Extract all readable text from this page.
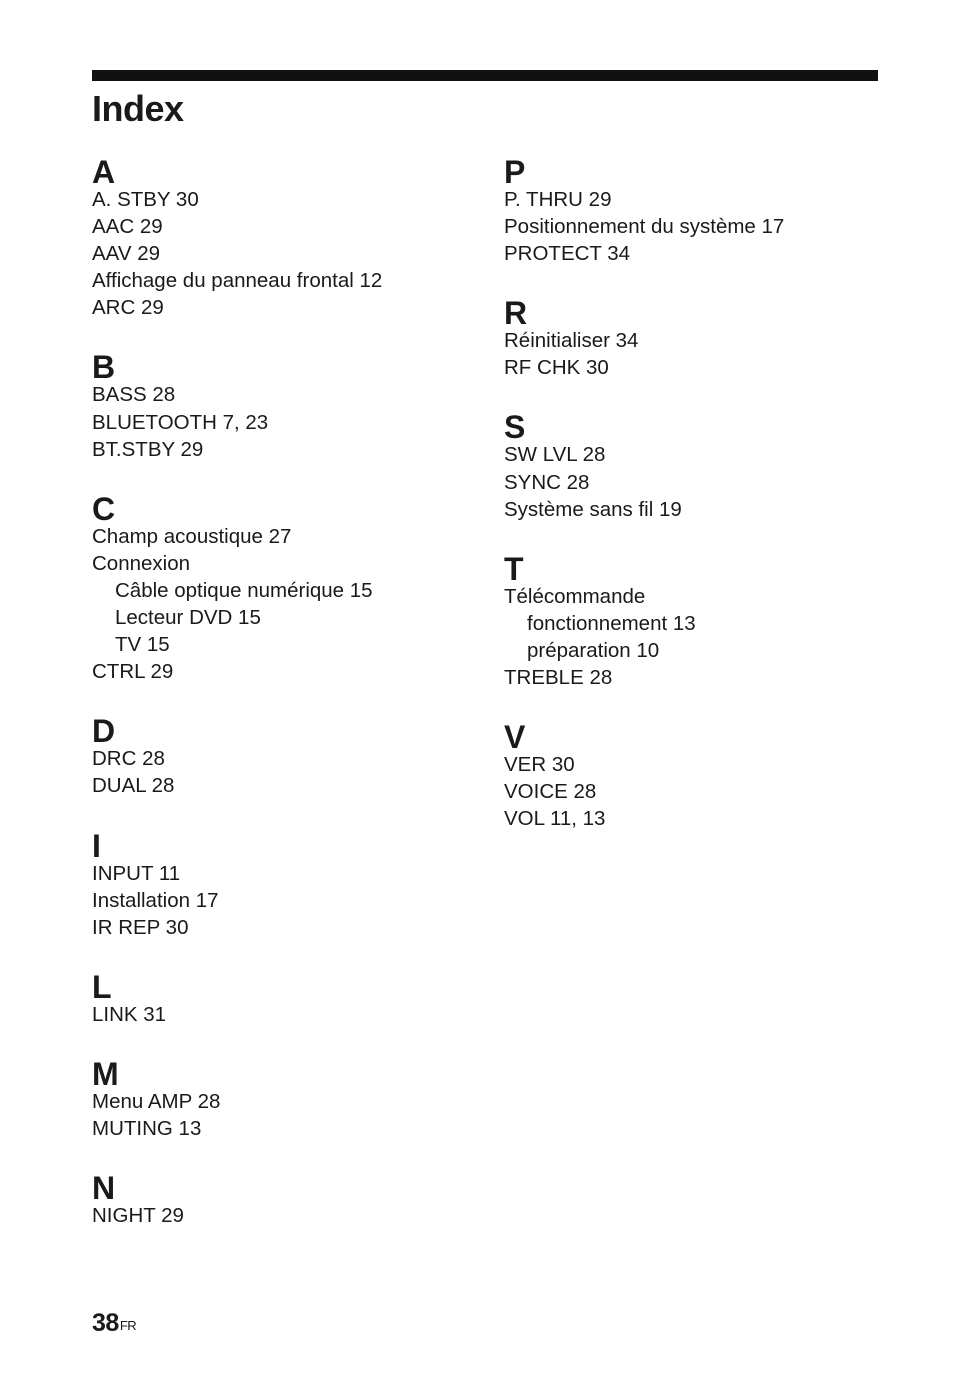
Index
A
A. STBY 30
AAC 29
AAV 29
Affichage du panneau frontal 12
ARC 29
B
BASS 28
BLUETOOTH 7, 23
BT.STBY 29
C
Champ acoustique 27
Connexion
Câble optique numérique 15
Lecteur DVD 15
TV 15
CTRL 29
D
DRC 28
DUAL 28
I
INPUT 11
Installation 17
IR REP 30
L
LINK 31
M
Menu AMP 28
MUTING 13
N
NIGHT 29
P
P. THRU 29
Positionnement du système 17
PROTECT 34
R
Réinitialiser 34
RF CHK 30
S
SW LVL 28
SYNC 28
Système sans fil 19
T
Télécommande
fonctionnement 13
préparation 10
TREBLE 28
V
VER 30
VOICE 28
VOL 11, 13
$38^{FR}$
